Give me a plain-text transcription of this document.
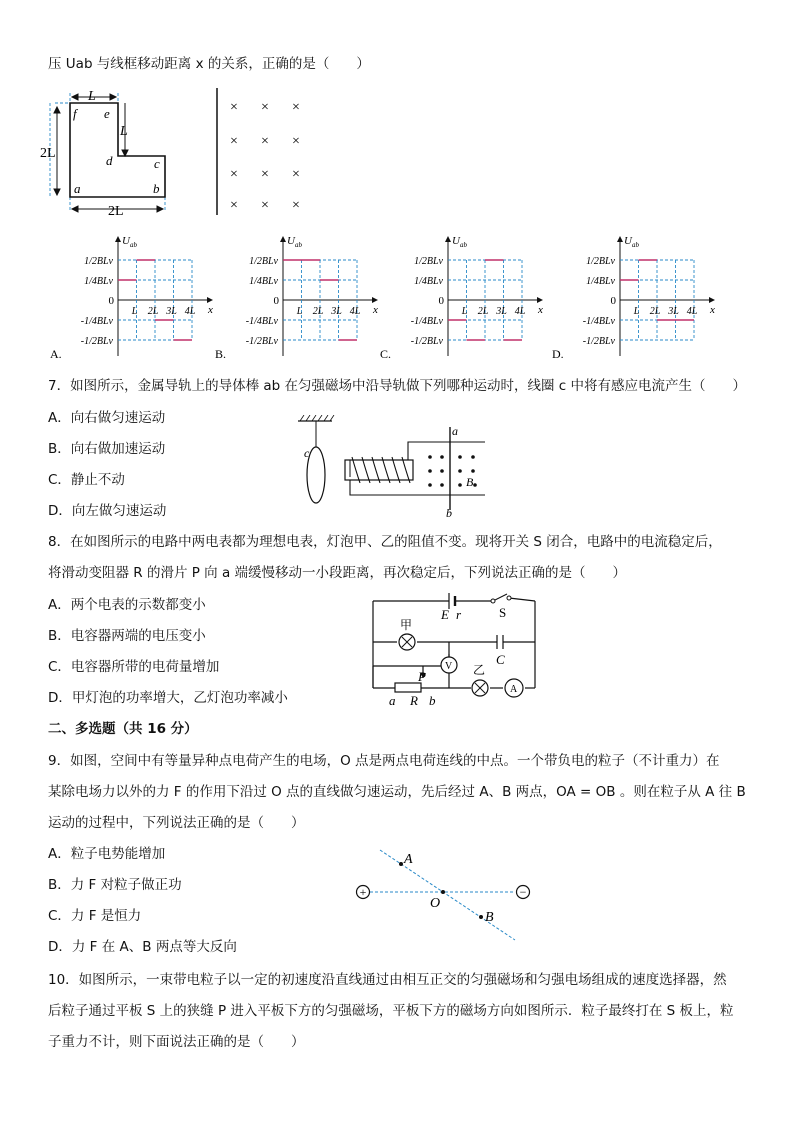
压 Uab 与线框移动距离 x 的关系，正确的是（　　）
L
e
f
L
2L	d	c
a	b
2L
× × ×
× × ×
× × ×
× × ×
U ab
x
0
1/2BLv
1/4BLv
-1/4BLv
-1/2BLv
L 2L 3L 4L
A.
U ab
x
0
1/2BLv
1/4BLv
-1/4BLv
-1/2BLv
L 2L 3L 4L
B.
U ab
x
0
1/2BLv
1/4BLv
-1/4BLv
-1/2BLv
L 2L 3L 4L
C.
U ab
x
0
1/2BLv
1/4BLv
-1/4BLv
-1/2BLv
L 2L 3L 4L
D.
7．如图所示，金属导轨上的导体棒 ab 在匀强磁场中沿导轨做下列哪种运动时，线圈 c 中将有感应电流产生（　　）
A．向右做匀速运动
B．向右做加速运动
C．静止不动
D．向左做匀速运动
c
a
b
B
8．在如图所示的电路中两电表都为理想电表，灯泡甲、乙的阻值不变。现将开关 S 闭合，电路中的电流稳定后，
将滑动变阻器 R 的滑片 P 向 a 端缓慢移动一小段距离，再次稳定后，下列说法正确的是（　　）
A．两个电表的示数都变小
B．电容器两端的电压变小
C．电容器所带的电荷量增加
D．甲灯泡的功率增大，乙灯泡功率减小
E r	S
甲
C
V 乙
A
P
a R b
二、多选题（共 16 分）
9．如图，空间中有等量异种点电荷产生的电场，O 点是两点电荷连线的中点。一个带负电的粒子（不计重力）在
某除电场力以外的力 F 的作用下沿过 O 点的直线做匀速运动，先后经过 A、B 两点，OA = OB 。则在粒子从 A 往 B
运动的过程中，下列说法正确的是（　　）
A．粒子电势能增加
B．力 F 对粒子做正功
C．力 F 是恒力
D．力 F 在 A、B 两点等大反向
+	−
A
O
B
10．如图所示，一束带电粒子以一定的初速度沿直线通过由相互正交的匀强磁场和匀强电场组成的速度选择器，然
后粒子通过平板 S 上的狭缝 P 进入平板下方的匀强磁场，平板下方的磁场方向如图所示．粒子最终打在 S 板上，粒
子重力不计，则下面说法正确的是（　　）
